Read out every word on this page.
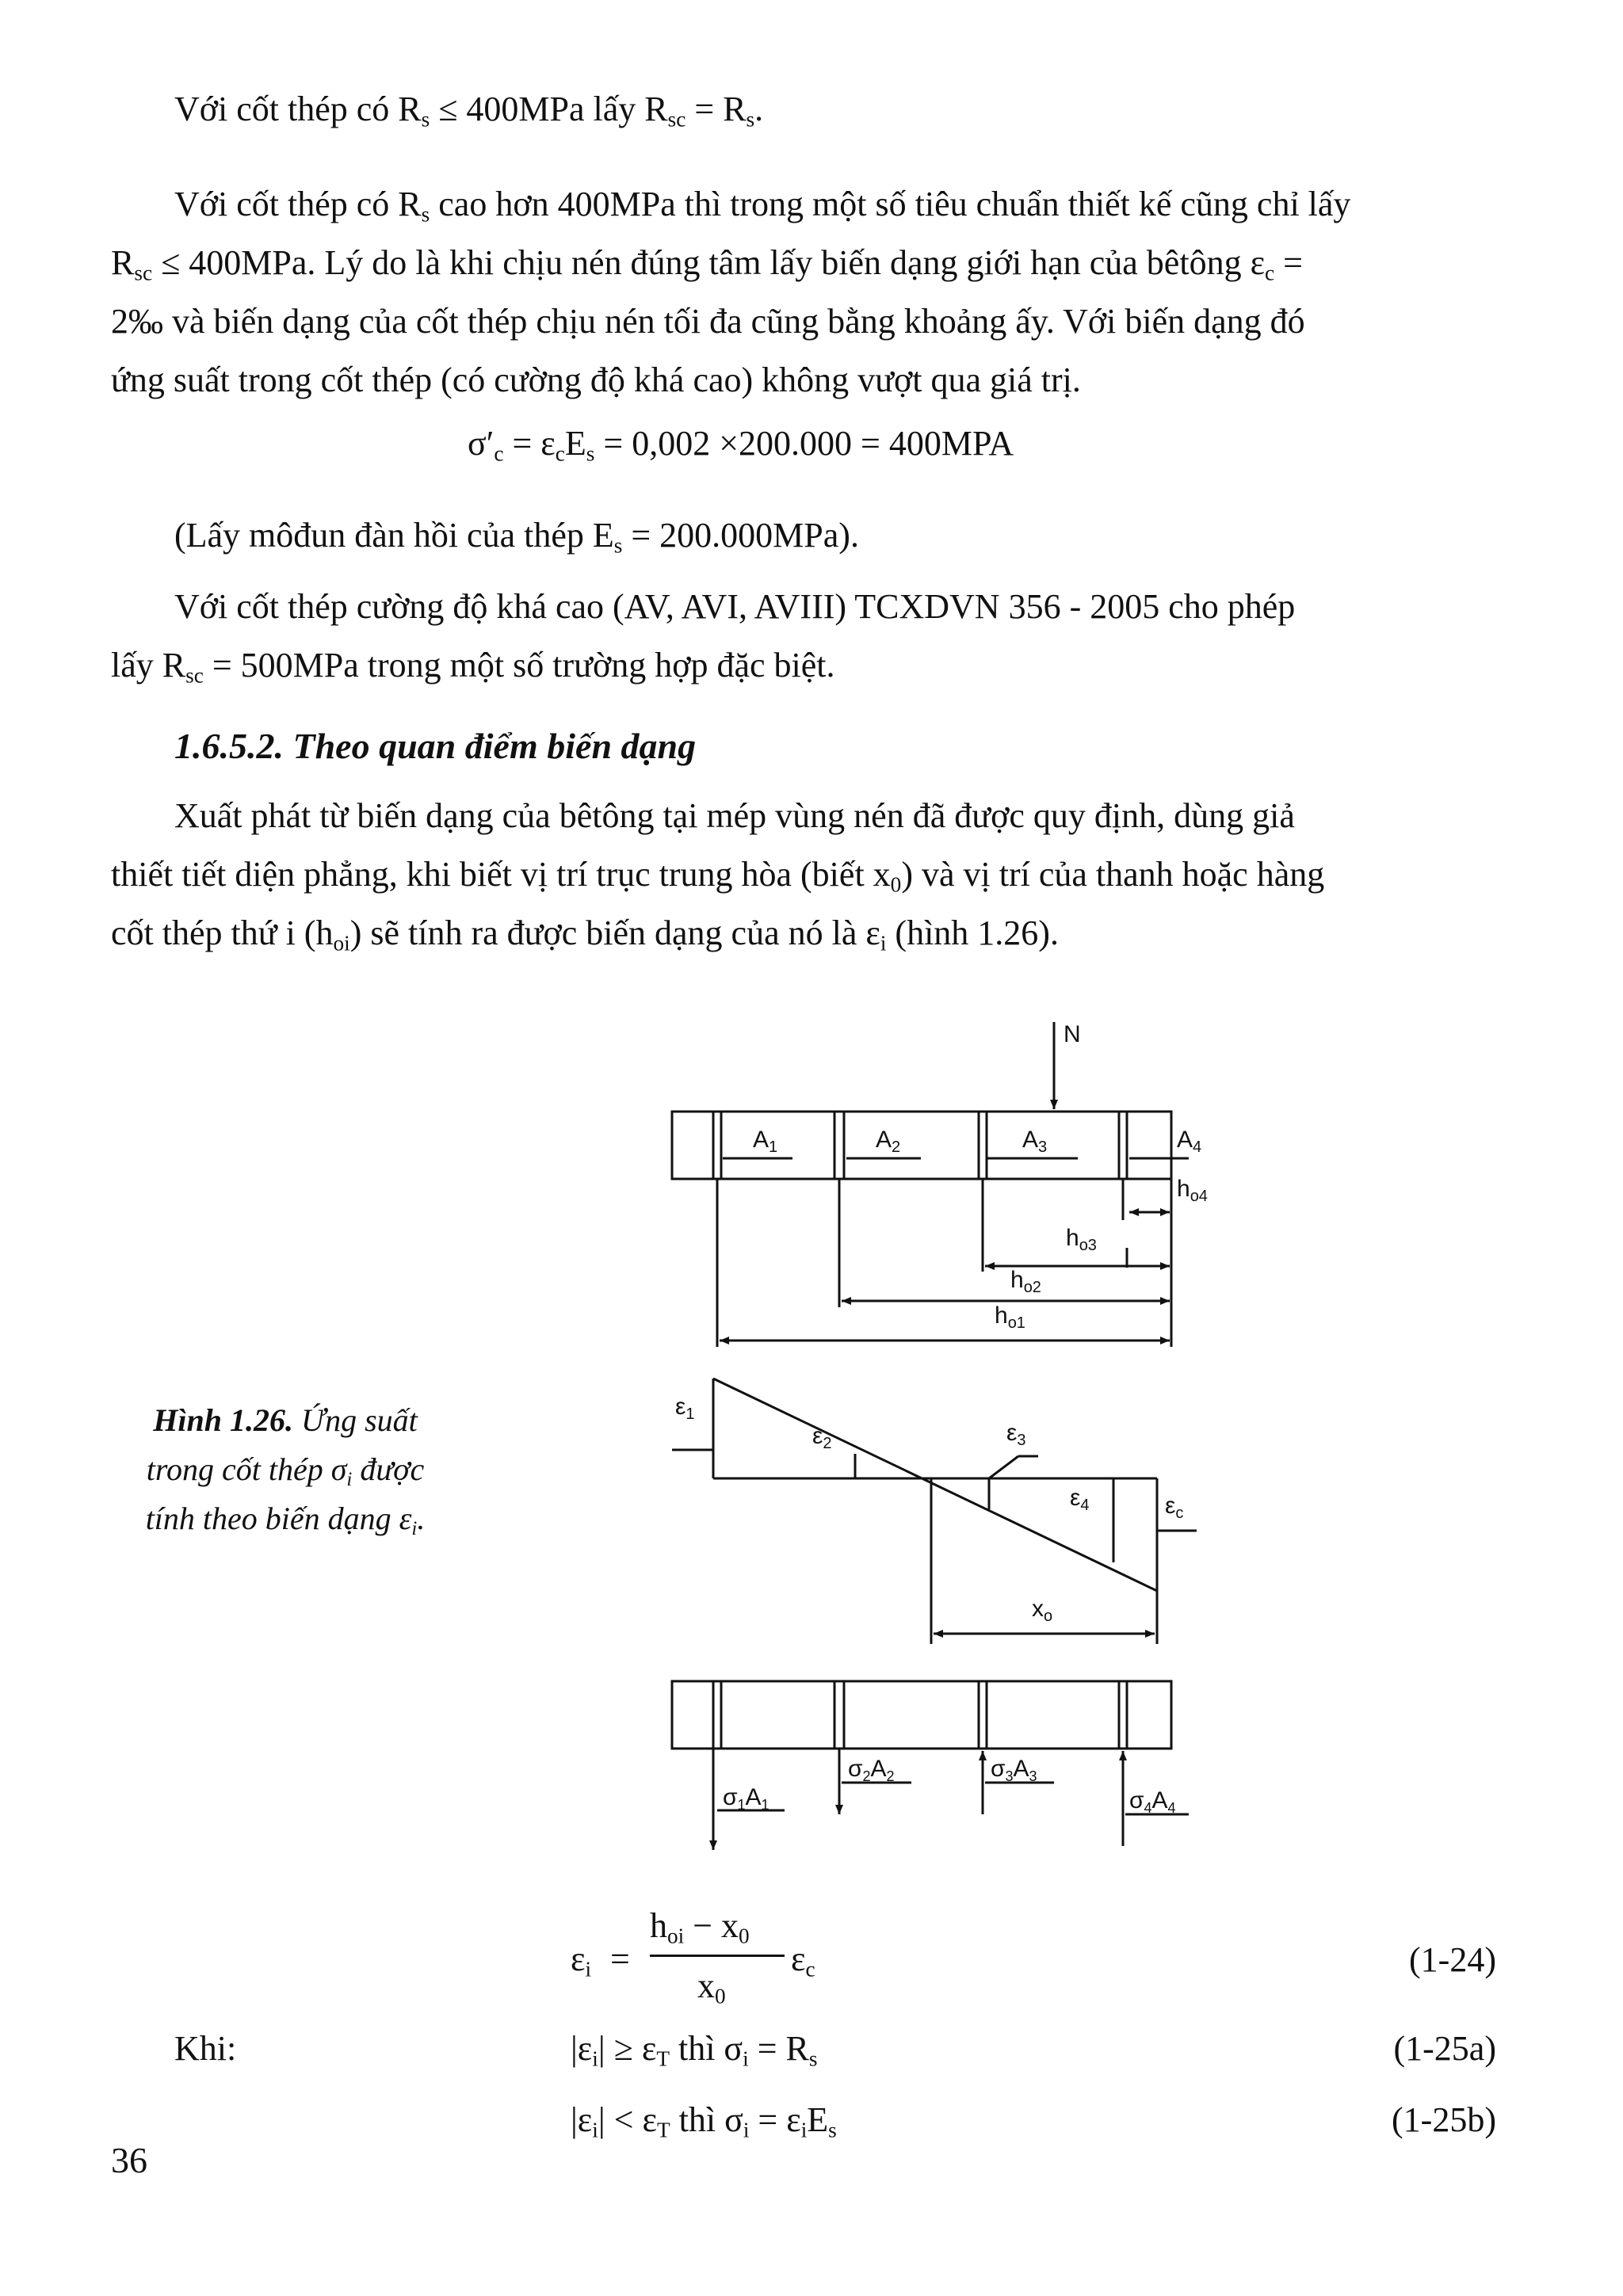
Với cốt thép có $R_s \le 400MPa$ lấy $R_{sc} = R_s$.
Với cốt thép có $R_s$ cao hơn 400MPa thì trong một số tiêu chuẩn thiết kế cũng chỉ lấy
$R_{sc} \le 400MPa$. Lý do là khi chịu nén đúng tâm lấy biến dạng giới hạn của bêtông $\varepsilon_c$ =
2‰ và biến dạng của cốt thép chịu nén tối đa cũng bằng khoảng ấy. Với biến dạng đó
ứng suất trong cốt thép (có cường độ khá cao) không vượt qua giá trị.
$\sigma'_c = \varepsilon_cE_s = 0,002 \times 200.000 = 400MPA$
(Lấy môđun đàn hồi của thép $E_s = 200.000MPa$).
Với cốt thép cường độ khá cao (AV, AVI, AVIII) TCXDVN 356 - 2005 cho phép
lấy $R_{sc} = 500MPa$ trong một số trường hợp đặc biệt.
1.6.5.2. Theo quan điểm biến dạng
Xuất phát từ biến dạng của bêtông tại mép vùng nén đã được quy định, dùng giả
thiết tiết diện phẳng, khi biết vị trí trục trung hòa (biết $x_0$) và vị trí của thanh hoặc hàng
cốt thép thứ i $(h_{oi})$ sẽ tính ra được biến dạng của nó là $\varepsilon_i$ (hình 1.26).
N
$A_1$	$A_2$	$A_3$	$A_4$
$h_{o4}$
$h_{o3}$
$h_{o2}$
$h_{o1}$
$\varepsilon_1$
$\varepsilon_2$	$\varepsilon_3$
$\varepsilon_4$	$\varepsilon_c$
$x_o$
$\sigma_1A_1$
$\sigma_2A_2$	$\sigma_3A_3$
$\sigma_4A_4$
Hình 1.26. Ứng suất
trong cốt thép $\sigma_i$ được
tính theo biến dạng $\varepsilon_i$.
$\varepsilon_i$ =
$h_{oi} - x_0$
$x_0$
$\varepsilon_c$	(1-24)
Khi:	$|\varepsilon_i| \ge \varepsilon_T$ thì $\sigma_i = R_s$	(1-25a)
$|\varepsilon_i| < \varepsilon_T$ thì $\sigma_i = \varepsilon_iE_s$	(1-25b)
36
